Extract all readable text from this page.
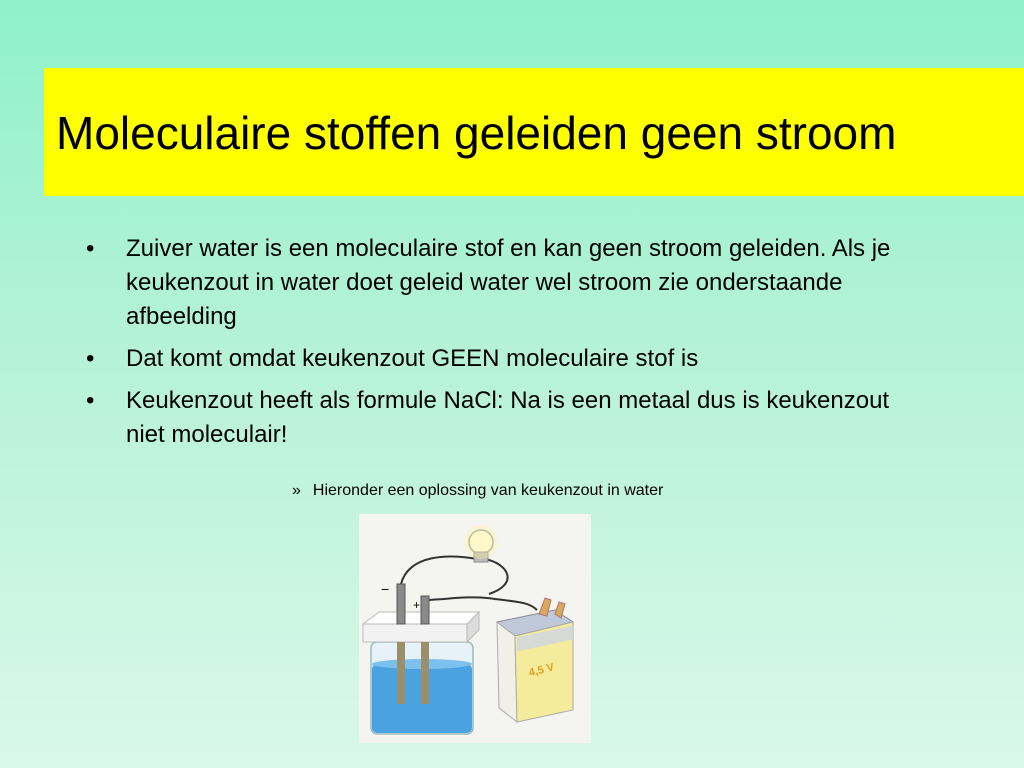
Moleculaire stoffen geleiden geen stroom
• Zuiver water is een moleculaire stof en kan geen stroom geleiden. Als je keukenzout in water doet geleid water wel stroom zie onderstaande afbeelding
• Dat komt omdat keukenzout GEEN moleculaire stof is
• Keukenzout heeft als formule NaCl: Na is een metaal dus is keukenzout niet moleculair!
» Hieronder een oplossing van keukenzout in water
−
+
4,5 V
